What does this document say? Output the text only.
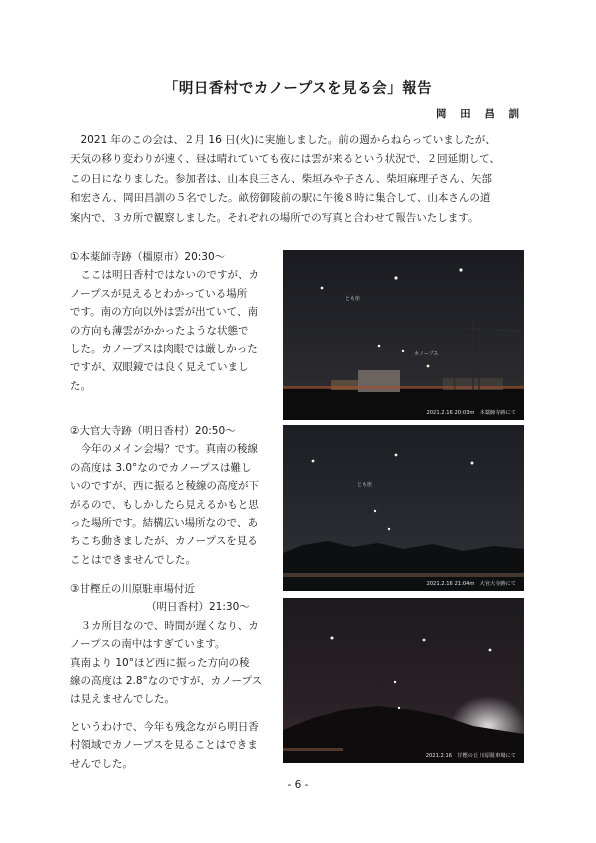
「明日香村でカノープスを見る会」報告
岡 田 昌 訓
　2021 年のこの会は、２月 16 日(火)に実施しました。前の週からねらっていましたが、
天気の移り変わりが速く、昼は晴れていても夜には雲が来るという状況で、２回延期して、
この日になりました。参加者は、山本良三さん、柴垣みや子さん、柴垣麻理子さん、矢部
和宏さん、岡田昌訓の５名でした。畝傍御陵前の駅に午後８時に集合して、山本さんの道
案内で、３カ所で観察しました。それぞれの場所での写真と合わせて報告いたします。
①本薬師寺跡（橿原市）20:30～
　ここは明日香村ではないのですが、カ
ノープスが見えるとわかっている場所
です。南の方向以外は雲が出ていて、南
の方向も薄雲がかかったような状態で
した。カノープスは肉眼では厳しかった
ですが、双眼鏡では良く見えていまし
た。
とも座
カノープス
2021.2.16 20:03m　本薬師寺跡にて
②大官大寺跡（明日香村）20:50～
　今年のメイン会場？です。真南の稜線
の高度は 3.0°なのでカノープスは難し
いのですが、西に振ると稜線の高度が下
がるので、もしかしたら見えるかもと思
った場所です。結構広い場所なので、あ
ちこち動きましたが、カノープスを見る
ことはできませんでした。
とも座
2021.2.16 21:04m　大官大寺跡にて
③甘樫丘の川原駐車場付近
（明日香村）21:30～
　３カ所目なので、時間が遅くなり、カ
ノープスの南中はすぎています。
真南より 10°ほど西に振った方向の稜
線の高度は 2.8°なのですが、カノープス
は見えませんでした。
2021.2.16　甘樫の丘 川原駐車場にて
というわけで、今年も残念ながら明日香
村領域でカノープスを見ることはできま
せんでした。
- 6 -
